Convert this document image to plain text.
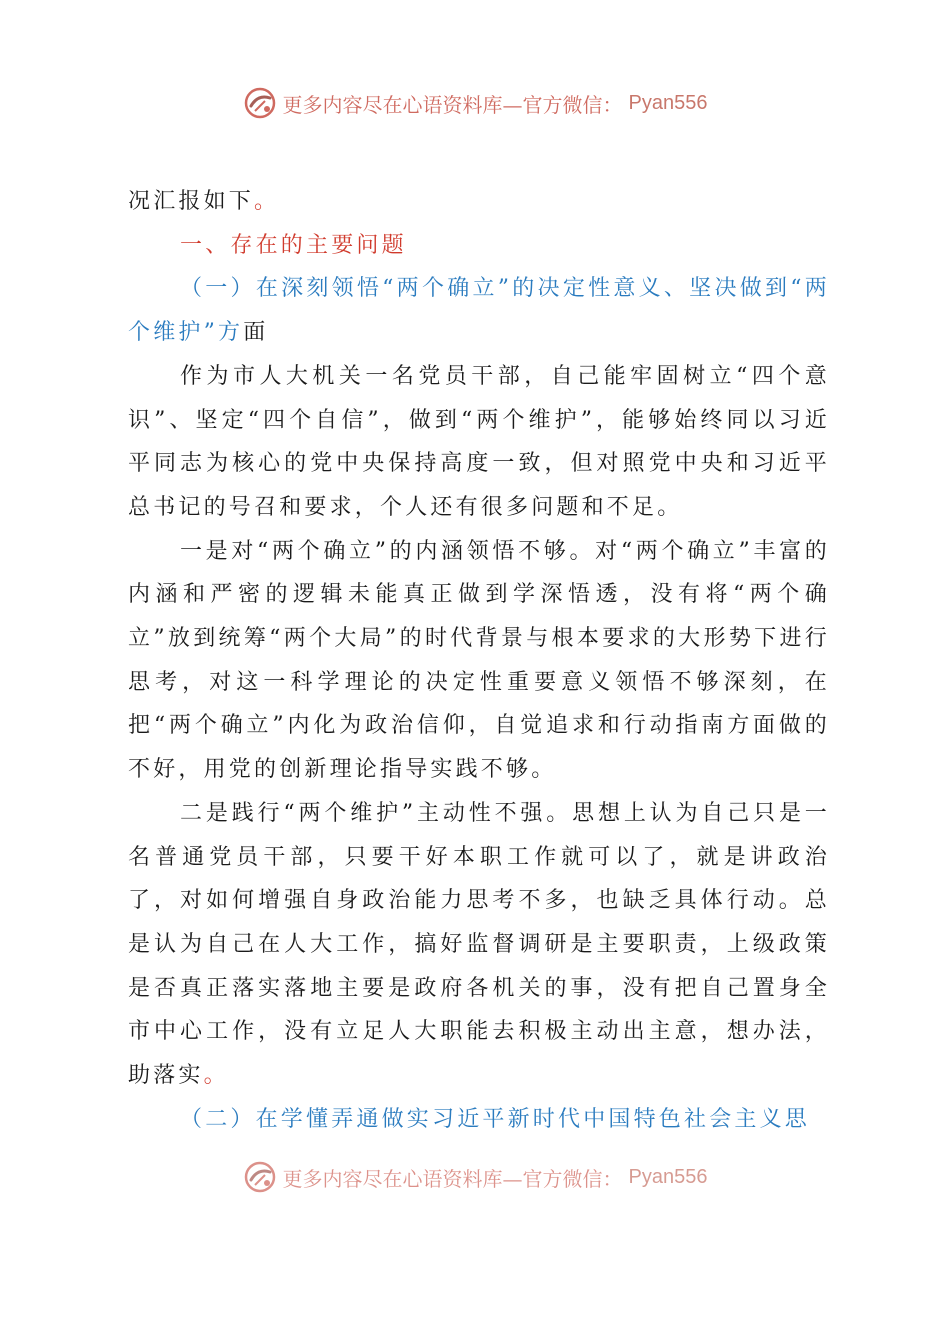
更多内容尽在心语资料库—官方微信： Pyan556

况汇报如下。

一、存在的主要问题

（一）在深刻领悟“两个确立”的决定性意义、坚决做到“两个维护”方面

作为市人大机关一名党员干部，自己能牢固树立“四个意识”、坚定“四个自信”，做到“两个维护”，能够始终同以习近平同志为核心的党中央保持高度一致，但对照党中央和习近平总书记的号召和要求，个人还有很多问题和不足。

一是对“两个确立”的内涵领悟不够。对“两个确立”丰富的内涵和严密的逻辑未能真正做到学深悟透，没有将“两个确立”放到统筹“两个大局”的时代背景与根本要求的大形势下进行思考，对这一科学理论的决定性重要意义领悟不够深刻，在把“两个确立”内化为政治信仰，自觉追求和行动指南方面做的不好，用党的创新理论指导实践不够。

二是践行“两个维护”主动性不强。思想上认为自己只是一名普通党员干部，只要干好本职工作就可以了，就是讲政治了，对如何增强自身政治能力思考不多，也缺乏具体行动。总是认为自己在人大工作，搞好监督调研是主要职责，上级政策是否真正落实落地主要是政府各机关的事，没有把自己置身全市中心工作，没有立足人大职能去积极主动出主意，想办法，助落实。

（二）在学懂弄通做实习近平新时代中国特色社会主义思

更多内容尽在心语资料库—官方微信： Pyan556
